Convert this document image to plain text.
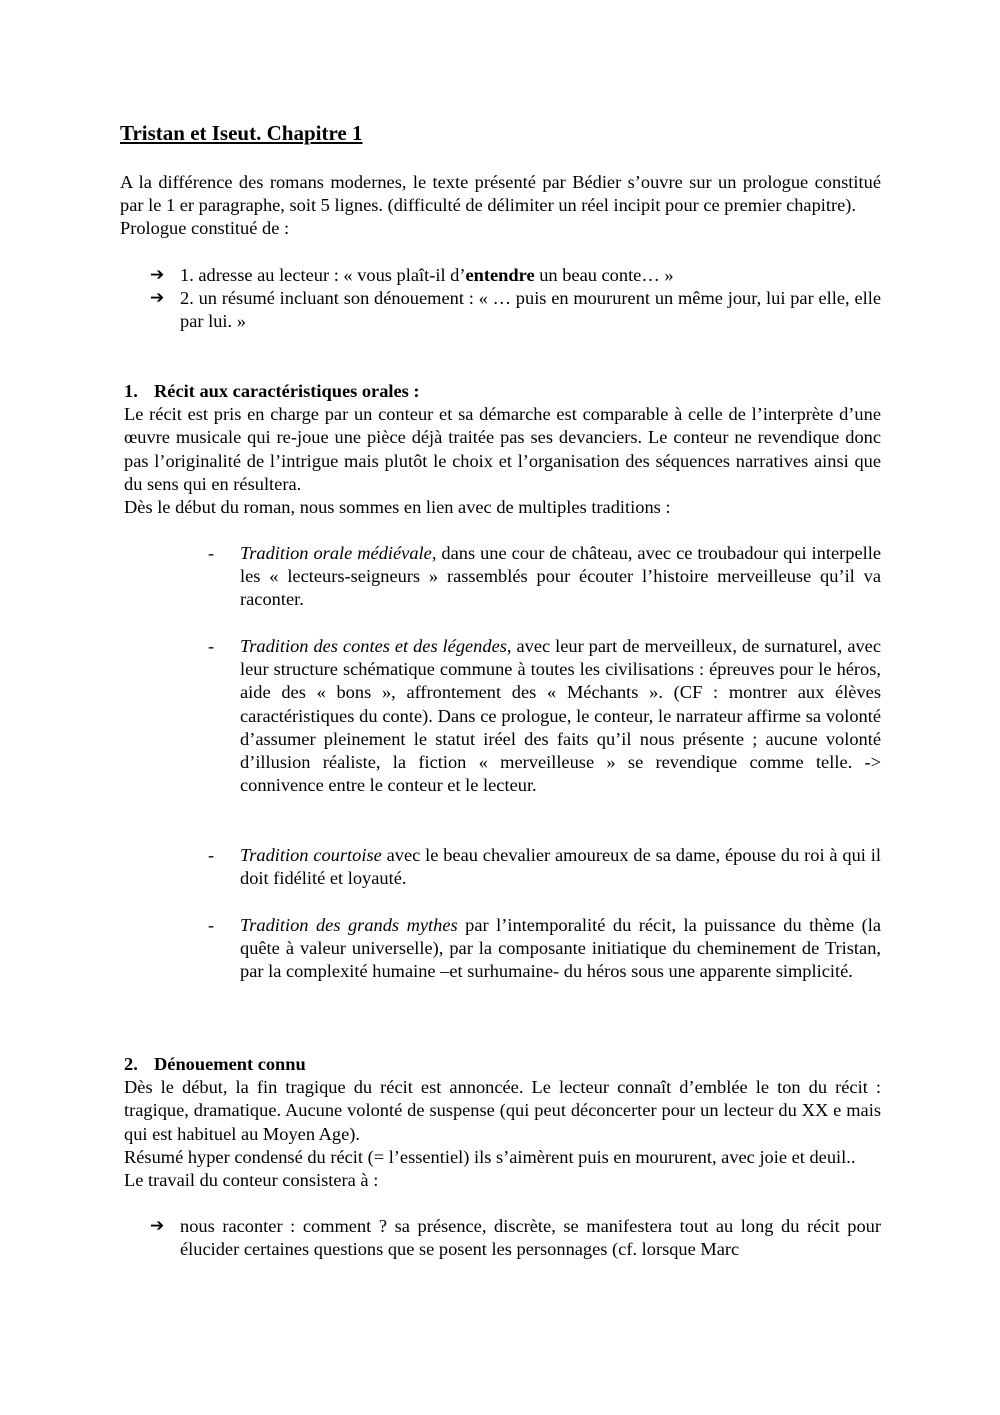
Tristan et Iseut. Chapitre 1

A la différence des romans modernes, le texte présenté par Bédier s’ouvre sur un prologue constitué par le 1 er paragraphe, soit 5 lignes. (difficulté de délimiter un réel incipit pour ce premier chapitre).

Prologue constitué de :

➔ 1. adresse au lecteur : « vous plaît-il d’entendre un beau conte… »
➔ 2. un résumé incluant son dénouement : « … puis en moururent un même jour, lui par elle, elle par lui. »

1. Récit aux caractéristiques orales :

Le récit est pris en charge par un conteur et sa démarche est comparable à celle de l’interprète d’une œuvre musicale qui re-joue une pièce déjà traitée pas ses devanciers. Le conteur ne revendique donc pas l’originalité de l’intrigue mais plutôt le choix et l’organisation des séquences narratives ainsi que du sens qui en résultera.

Dès le début du roman, nous sommes en lien avec de multiples traditions :

- Tradition orale médiévale, dans une cour de château, avec ce troubadour qui interpelle les « lecteurs-seigneurs » rassemblés pour écouter l’histoire merveilleuse qu’il va raconter.
- Tradition des contes et des légendes, avec leur part de merveilleux, de surnaturel, avec leur structure schématique commune à toutes les civilisations : épreuves pour le héros, aide des « bons », affrontement des « Méchants ». (CF : montrer aux élèves caractéristiques du conte). Dans ce prologue, le conteur, le narrateur affirme sa volonté d’assumer pleinement le statut iréel des faits qu’il nous présente ; aucune volonté d’illusion réaliste, la fiction « merveilleuse » se revendique comme telle. -> connivence entre le conteur et le lecteur.
- Tradition courtoise avec le beau chevalier amoureux de sa dame, épouse du roi à qui il doit fidélité et loyauté.
- Tradition des grands mythes par l’intemporalité du récit, la puissance du thème (la quête à valeur universelle), par la composante initiatique du cheminement de Tristan, par la complexité humaine –et surhumaine- du héros sous une apparente simplicité.

2. Dénouement connu

Dès le début, la fin tragique du récit est annoncée. Le lecteur connaît d’emblée le ton du récit : tragique, dramatique. Aucune volonté de suspense (qui peut déconcerter pour un lecteur du XX e mais qui est habituel au Moyen Age).

Résumé hyper condensé du récit (= l’essentiel) ils s’aimèrent puis en moururent, avec joie et deuil..

Le travail du conteur consistera à :

➔ nous raconter : comment ? sa présence, discrète, se manifestera tout au long du récit pour élucider certaines questions que se posent les personnages (cf. lorsque Marc
